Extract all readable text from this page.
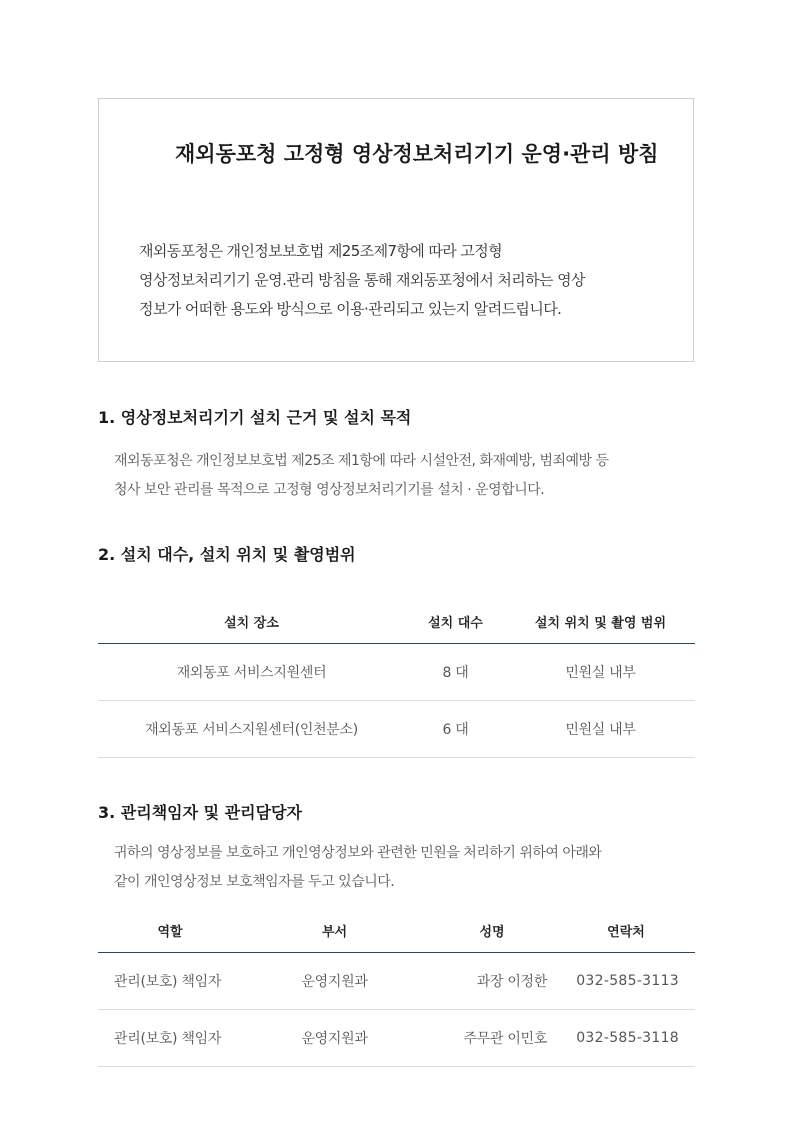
재외동포청 고정형 영상정보처리기기 운영·관리 방침

재외동포청은 개인정보보호법 제25조제7항에 따라 고정형
영상정보처리기기 운영.관리 방침을 통해 재외동포청에서 처리하는 영상
정보가 어떠한 용도와 방식으로 이용·관리되고 있는지 알려드립니다.

1. 영상정보처리기기 설치 근거 및 설치 목적

재외동포청은 개인정보보호법 제25조 제1항에 따라 시설안전, 화재예방, 범죄예방 등
청사 보안 관리를 목적으로 고정형 영상정보처리기기를 설치 · 운영합니다.

2. 설치 대수, 설치 위치 및 촬영범위
설치 장소	설치 대수	설치 위치 및 촬영 범위
재외동포 서비스지원센터	8 대	민원실 내부
재외동포 서비스지원센터(인천분소)	6 대	민원실 내부
3. 관리책임자 및 관리담당자

귀하의 영상정보를 보호하고 개인영상정보와 관련한 민원을 처리하기 위하여 아래와
같이 개인영상정보 보호책임자를 두고 있습니다.

역할	부서	성명	연락처
관리(보호) 책임자	운영지원과	과장 이정한	032-585-3113
관리(보호) 책임자	운영지원과	주무관 이민호	032-585-3118
